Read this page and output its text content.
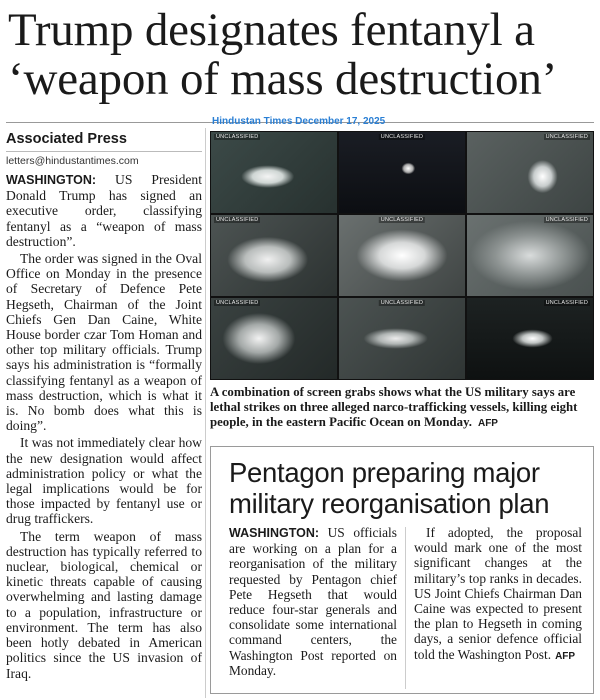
Trump designates fentanyl a ‘weapon of mass destruction’
Hindustan Times December 17, 2025
Associated Press
letters@hindustantimes.com

WASHINGTON: US President Donald Trump has signed an executive order, classifying fentanyl as a “weapon of mass destruction”.

The order was signed in the Oval Office on Monday in the presence of Secretary of Defence Pete Hegseth, Chairman of the Joint Chiefs Gen Dan Caine, White House border czar Tom Homan and other top military officials. Trump says his administration is “formally classifying fentanyl as a weapon of mass destruction, which is what it is. No bomb does what this is doing”.

It was not immediately clear how the new designation would affect administration policy or what the legal implications would be for those impacted by fentanyl use or drug traffickers.

The term weapon of mass destruction has typically referred to nuclear, biological, chemical or kinetic threats capable of causing overwhelming and lasting damage to a population, infrastructure or environment. The term has also been hotly debated in American politics since the US invasion of Iraq.

UNCLASSIFIED	UNCLASSIFIED	UNCLASSIFIED
UNCLASSIFIED	UNCLASSIFIED	UNCLASSIFIED
UNCLASSIFIED	UNCLASSIFIED	UNCLASSIFIED
A combination of screen grabs shows what the US military says are lethal strikes on three alleged narco-trafficking vessels, killing eight people, in the eastern Pacific Ocean on Monday. AFP
Pentagon preparing major military reorganisation plan

WASHINGTON: US officials are working on a plan for a reorganisation of the military requested by Pentagon chief Pete Hegseth that would reduce four-star generals and consolidate some international command centers, the Washington Post reported on Monday.

If adopted, the proposal would mark one of the most significant changes at the military’s top ranks in decades. US Joint Chiefs Chairman Dan Caine was expected to present the plan to Hegseth in coming days, a senior defence official told the Washington Post. AFP
